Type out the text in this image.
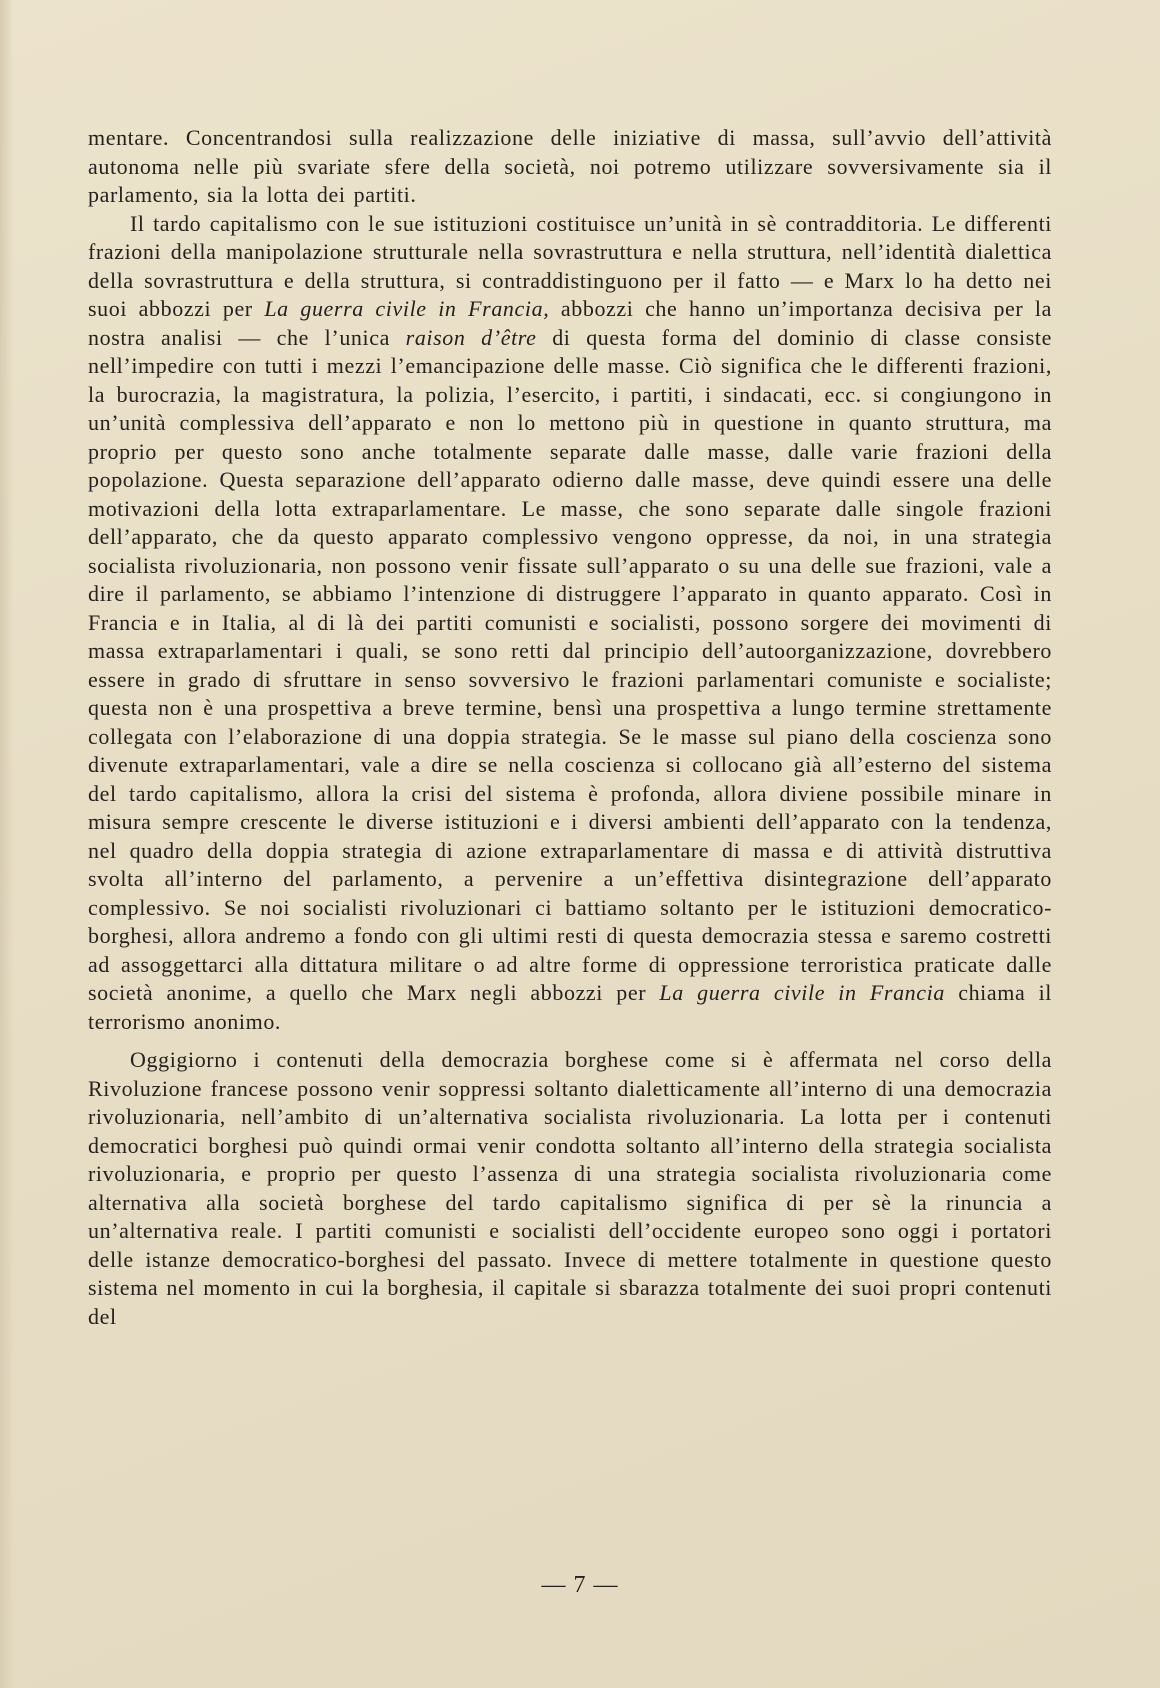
mentare. Concentrandosi sulla realizzazione delle iniziative di massa, sull’avvio dell’attività autonoma nelle più svariate sfere della società, noi potremo utilizzare sovversivamente sia il parlamento, sia la lotta dei partiti.

Il tardo capitalismo con le sue istituzioni costituisce un’unità in sè contradditoria. Le differenti frazioni della manipolazione strutturale nella sovrastruttura e nella struttura, nell’identità dialettica della sovrastruttura e della struttura, si contraddistinguono per il fatto — e Marx lo ha detto nei suoi abbozzi per La guerra civile in Francia, abbozzi che hanno un’importanza decisiva per la nostra analisi — che l’unica raison d’être di questa forma del dominio di classe consiste nell’impedire con tutti i mezzi l’emancipazione delle masse. Ciò significa che le differenti frazioni, la burocrazia, la magistratura, la polizia, l’esercito, i partiti, i sindacati, ecc. si congiungono in un’unità complessiva dell’apparato e non lo mettono più in questione in quanto struttura, ma proprio per questo sono anche totalmente separate dalle masse, dalle varie frazioni della popolazione. Questa separazione dell’apparato odierno dalle masse, deve quindi essere una delle motivazioni della lotta extraparlamentare. Le masse, che sono separate dalle singole frazioni dell’apparato, che da questo apparato complessivo vengono oppresse, da noi, in una strategia socialista rivoluzionaria, non possono venir fissate sull’apparato o su una delle sue frazioni, vale a dire il parlamento, se abbiamo l’intenzione di distruggere l’apparato in quanto apparato. Così in Francia e in Italia, al di là dei partiti comunisti e socialisti, possono sorgere dei movimenti di massa extraparlamentari i quali, se sono retti dal principio dell’autoorganizzazione, dovrebbero essere in grado di sfruttare in senso sovversivo le frazioni parlamentari comuniste e socialiste; questa non è una prospettiva a breve termine, bensì una prospettiva a lungo termine strettamente collegata con l’elaborazione di una doppia strategia. Se le masse sul piano della coscienza sono divenute extraparlamentari, vale a dire se nella coscienza si collocano già all’esterno del sistema del tardo capitalismo, allora la crisi del sistema è profonda, allora diviene possibile minare in misura sempre crescente le diverse istituzioni e i diversi ambienti dell’apparato con la tendenza, nel quadro della doppia strategia di azione extraparlamentare di massa e di attività distruttiva svolta all’interno del parlamento, a pervenire a un’effettiva disintegrazione dell’apparato complessivo. Se noi socialisti rivoluzionari ci battiamo soltanto per le istituzioni democratico-borghesi, allora andremo a fondo con gli ultimi resti di questa democrazia stessa e saremo costretti ad assoggettarci alla dittatura militare o ad altre forme di oppressione terroristica praticate dalle società anonime, a quello che Marx negli abbozzi per La guerra civile in Francia chiama il terrorismo anonimo.

Oggigiorno i contenuti della democrazia borghese come si è affermata nel corso della Rivoluzione francese possono venir soppressi soltanto dialetticamente all’interno di una democrazia rivoluzionaria, nell’ambito di un’alternativa socialista rivoluzionaria. La lotta per i contenuti democratici borghesi può quindi ormai venir condotta soltanto all’interno della strategia socialista rivoluzionaria, e proprio per questo l’assenza di una strategia socialista rivoluzionaria come alternativa alla società borghese del tardo capitalismo significa di per sè la rinuncia a un’alternativa reale. I partiti comunisti e socialisti dell’occidente europeo sono oggi i portatori delle istanze democratico-borghesi del passato. Invece di mettere totalmente in questione questo sistema nel momento in cui la borghesia, il capitale si sbarazza totalmente dei suoi propri contenuti del

— 7 —
